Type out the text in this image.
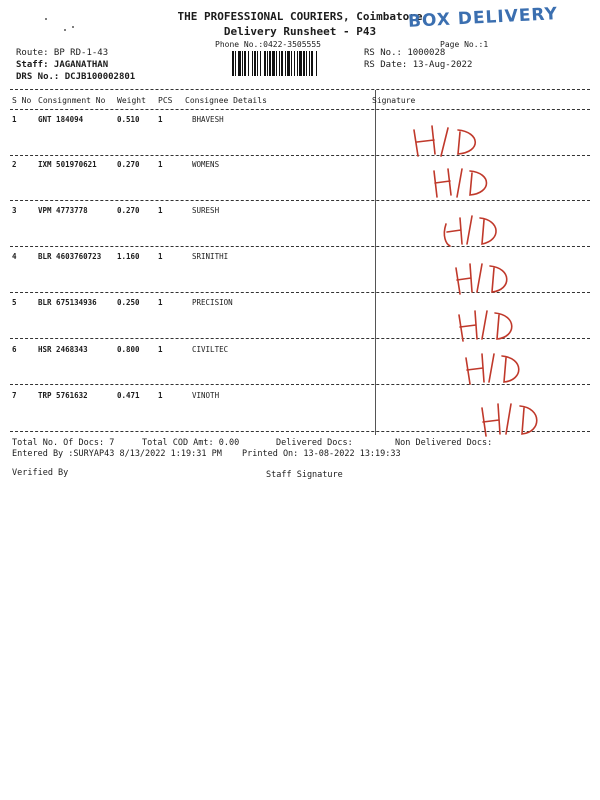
THE PROFESSIONAL COURIERS, Coimbatore
Delivery Runsheet - P43
Phone No.:0422-3505555	Page No.:1
BOX DELIVERY
Route: BP RD-1-43
Staff: JAGANATHAN
DRS No.: DCJB100002801
RS No.: 1000028
RS Date: 13-Aug-2022
S No Consignment No Weight PCS Consignee Details	Signature
1	GNT 184094	0.510 1	BHAVESH
2	IXM 501970621	0.270 1	WOMENS
3	VPM 4773778	0.270 1	SURESH
4	BLR 4603760723 1.160 1	SRINITHI
5	BLR 675134936	0.250 1	PRECISION
6	HSR 2468343	0.800 1	CIVILTEC
7	TRP 5761632	0.471 1	VINOTH
Total No. Of Docs: 7	Total COD Amt: 0.00	Delivered Docs:	Non Delivered Docs:
Entered By :SURYAP43 8/13/2022 1:19:31 PM Printed On: 13-08-2022 13:19:33
Verified By	Staff Signature
